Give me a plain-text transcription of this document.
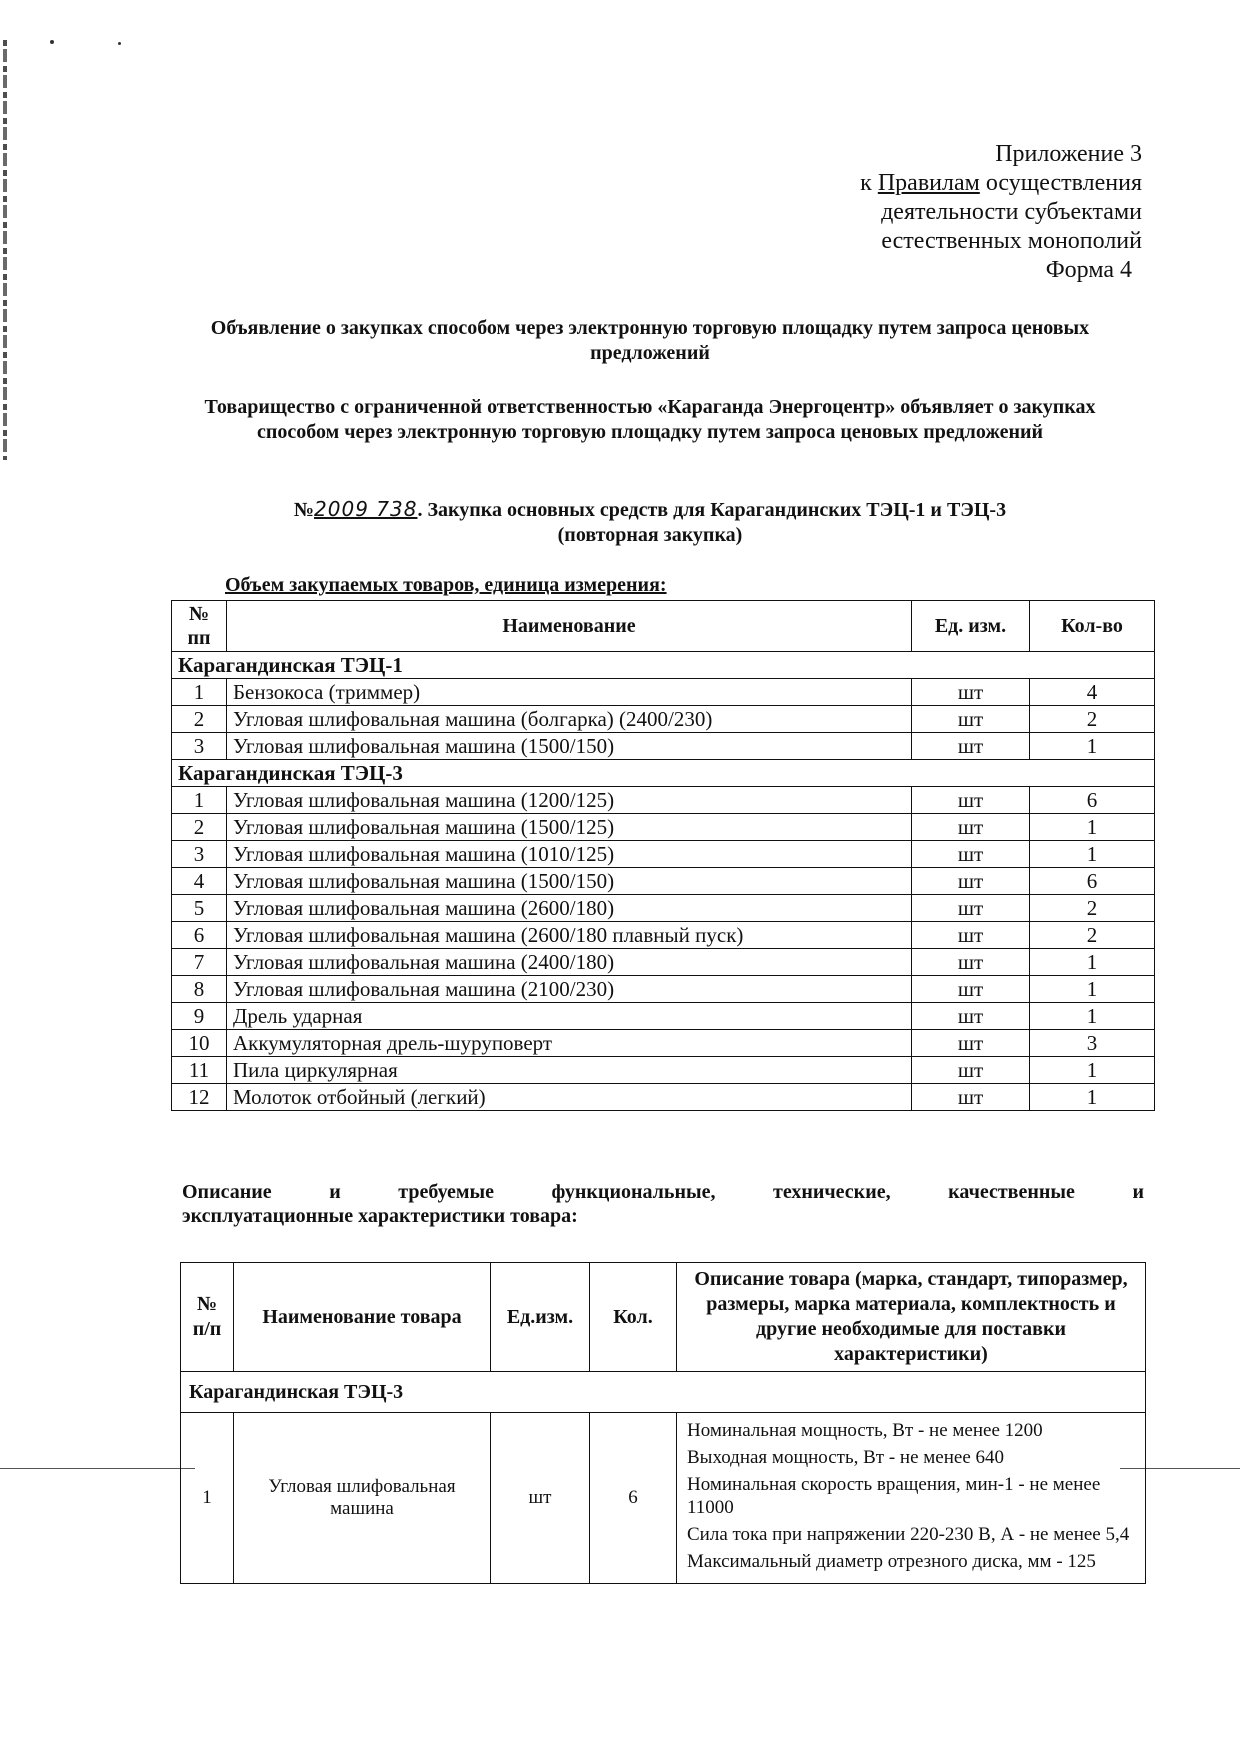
Приложение 3
к Правилам осуществления
деятельности субъектами
естественных монополий
Форма 4
Объявление о закупках способом через электронную торговую площадку путем запроса ценовых предложений
Товарищество с ограниченной ответственностью «Караганда Энергоцентр» объявляет о закупках способом через электронную торговую площадку путем запроса ценовых предложений
№2009 738. Закупка основных средств для Карагандинских ТЭЦ-1 и ТЭЦ-3
(повторная закупка)
Объем закупаемых товаров, единица измерения:
№ пп	Наименование	Ед. изм.	Кол-во
Карагандинская ТЭЦ-1			
1	Бензокоса (триммер)	шт	4
2	Угловая шлифовальная машина (болгарка) (2400/230)	шт	2
3	Угловая шлифовальная машина (1500/150)	шт	1
Карагандинская ТЭЦ-3			
1	Угловая шлифовальная машина (1200/125)	шт	6
2	Угловая шлифовальная машина (1500/125)	шт	1
3	Угловая шлифовальная машина (1010/125)	шт	1
4	Угловая шлифовальная машина (1500/150)	шт	6
5	Угловая шлифовальная машина (2600/180)	шт	2
6	Угловая шлифовальная машина (2600/180 плавный пуск)	шт	2
7	Угловая шлифовальная машина (2400/180)	шт	1
8	Угловая шлифовальная машина (2100/230)	шт	1
9	Дрель ударная	шт	1
10	Аккумуляторная дрель-шуруповерт	шт	3
11	Пила циркулярная	шт	1
12	Молоток отбойный (легкий)	шт	1
Описание и требуемые функциональные, технические, качественные и
эксплуатационные характеристики товара:
№ п/п	Наименование товара	Ед.изм.	Кол.	Описание товара (марка, стандарт, типоразмер, размеры, марка материала, комплектность и другие необходимые для поставки характеристики)
Карагандинская ТЭЦ-3				
1	Угловая шлифовальная машина	шт	6	Номинальная мощность, Вт - не менее 1200
Выходная мощность, Вт - не менее 640
Номинальная скорость вращения, мин-1 - не менее 11000
Сила тока при напряжении 220-230 В, А - не менее 5,4
Максимальный диаметр отрезного диска, мм - 125
